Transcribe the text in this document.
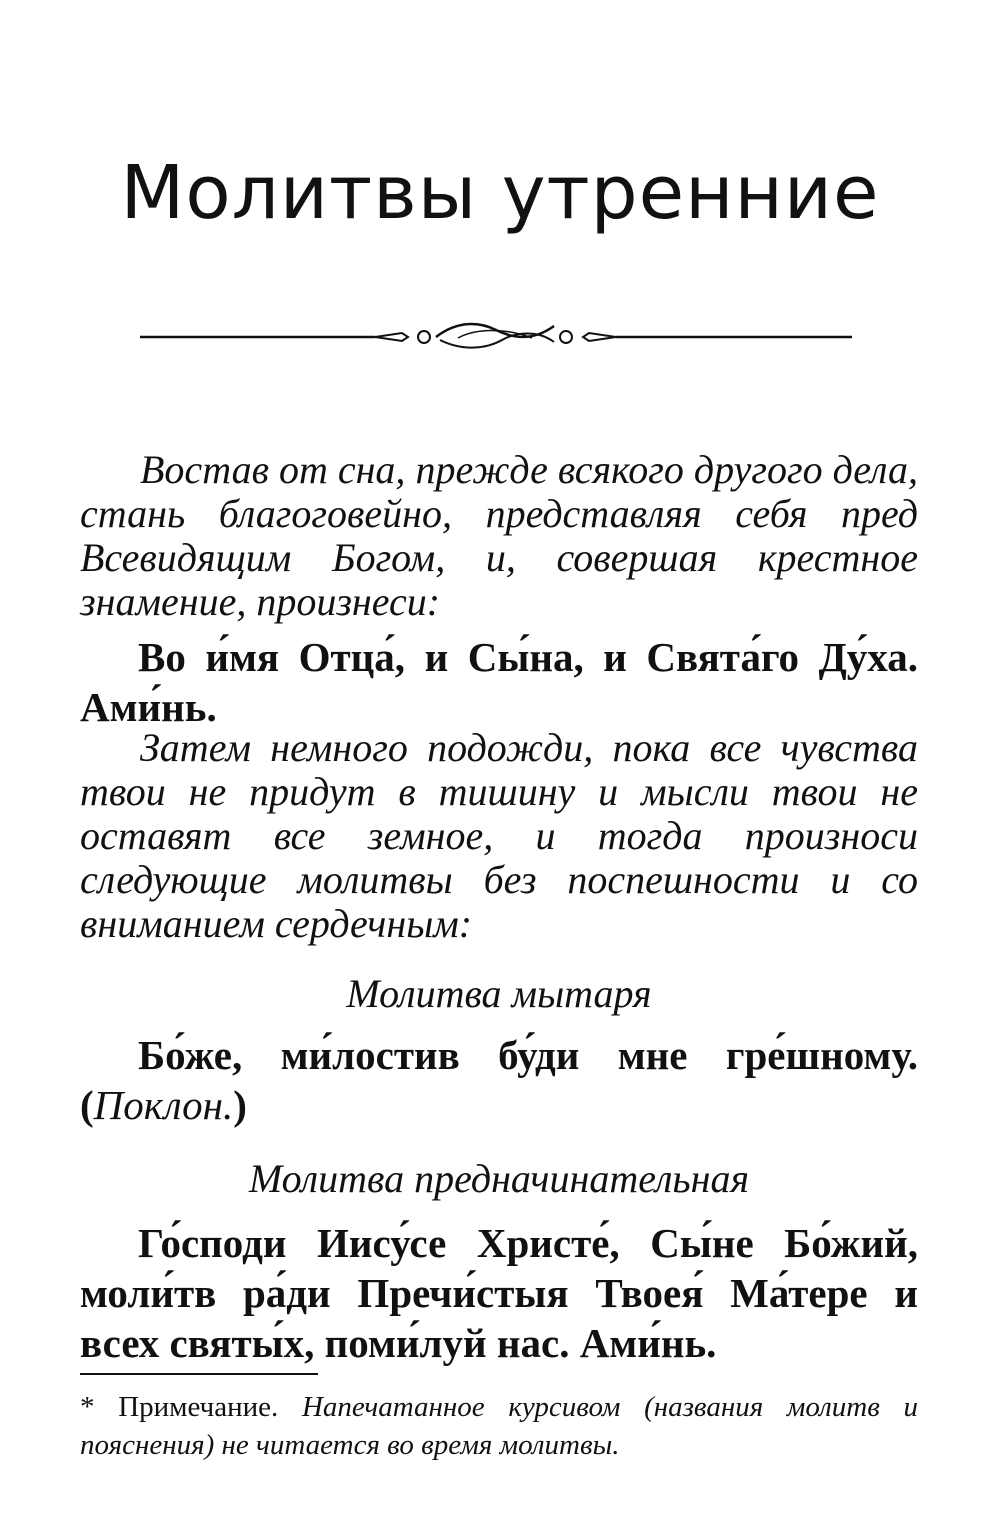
Молитвы утренние

Востав от сна, прежде всякого другого дела, стань благоговейно, представляя себя пред Всевидящим Богом, и, совершая крестное знамение, произнеси:

Во и́мя Отца́, и Сы́на, и Свята́го Ду́ха. Ами́нь.

Затем немного подожди, пока все чувства твои не придут в тишину и мысли твои не оставят все земное, и тогда произноси следующие молитвы без поспешности и со вниманием сердечным:

Молитва мытаря

Бо́же, ми́лостив бу́ди мне гре́шному. (Поклон.)

Молитва предначинательная

Го́споди Иису́се Христе́, Сы́не Бо́жий, моли́тв ра́ди Пречи́стыя Твоея́ Ма́тере и всех святы́х, поми́луй нас. Ами́нь.

* Примечание. Напечатанное курсивом (названия молитв и пояснения) не читается во время молитвы.
